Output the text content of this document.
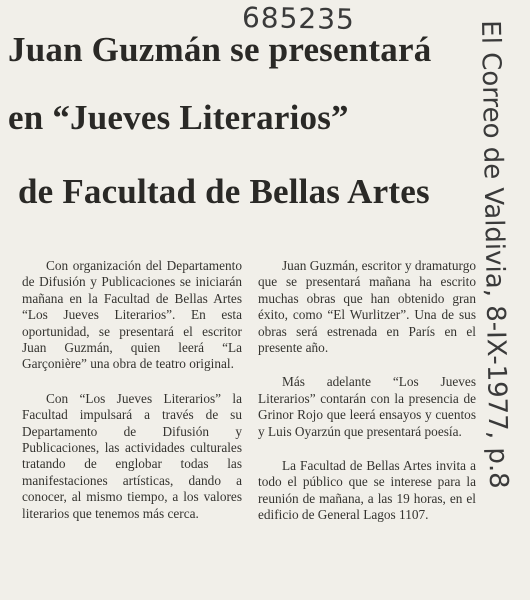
685235
El Correo de Valdivia, 8-IX-1977, p.8
Juan Guzmán se presentará
en “Jueves Literarios”
de Facultad de Bellas Artes

Con organización del Departamento de Difusión y Publicaciones se iniciarán mañana en la Facultad de Bellas Artes “Los Jueves Literarios”. En esta oportunidad, se presentará el escritor Juan Guzmán, quien leerá “La Garçonière” una obra de teatro original.

Con “Los Jueves Literarios” la Facultad impulsará a través de su Departamento de Difusión y Publicaciones, las actividades culturales tratando de englobar todas las manifestaciones artísticas, dando a conocer, al mismo tiempo, a los valores literarios que tenemos más cerca.

Juan Guzmán, escritor y dramaturgo que se presentará mañana ha escrito muchas obras que han obtenido gran éxito, como “El Wurlitzer”. Una de sus obras será estrenada en París en el presente año.

Más adelante “Los Jueves Literarios” contarán con la presencia de Grinor Rojo que leerá ensayos y cuentos y Luis Oyarzún que presentará poesía.

La Facultad de Bellas Artes invita a todo el público que se interese para la reunión de mañana, a las 19 horas, en el edificio de General Lagos 1107.
